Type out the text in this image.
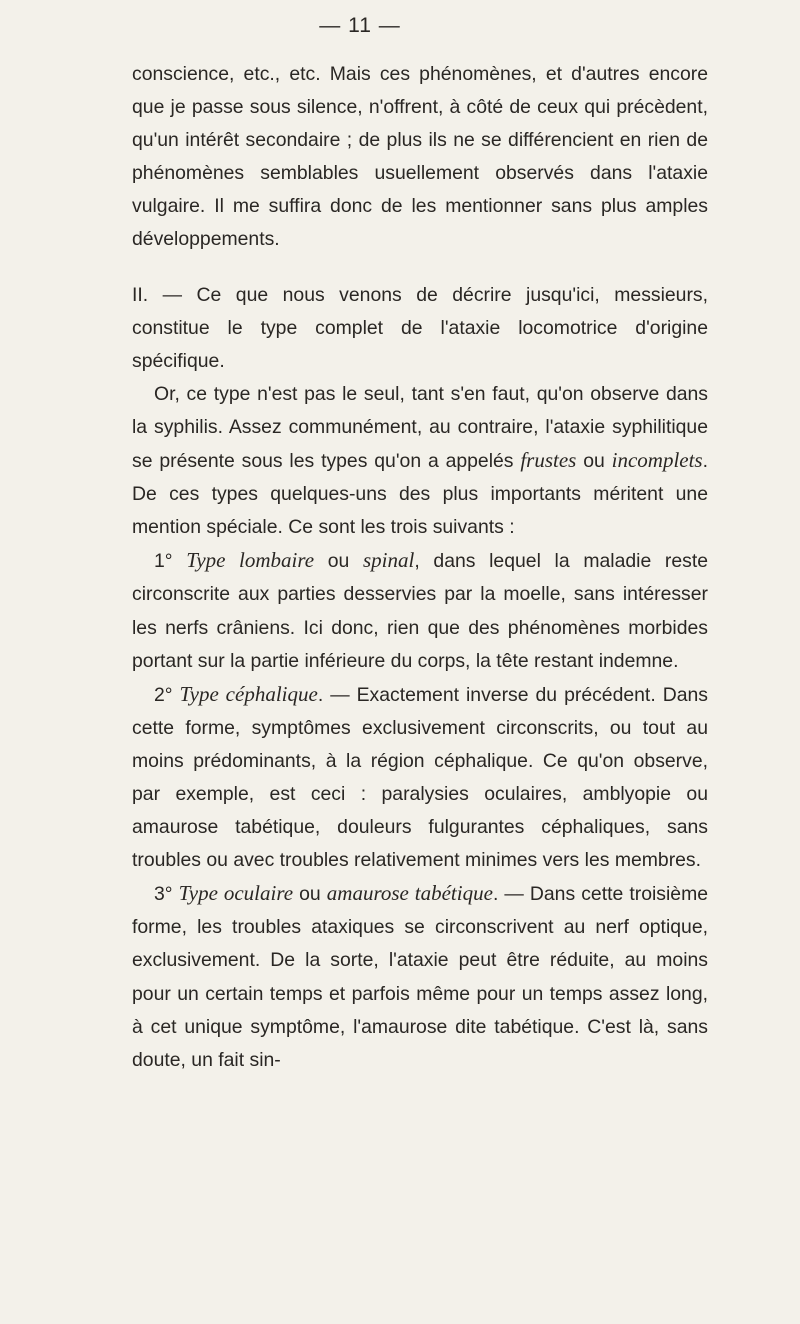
— 11 —

conscience, etc., etc. Mais ces phénomènes, et d'autres encore que je passe sous silence, n'offrent, à côté de ceux qui précèdent, qu'un intérêt secondaire ; de plus ils ne se différencient en rien de phénomènes semblables usuellement observés dans l'ataxie vulgaire. Il me suffira donc de les mentionner sans plus amples développements.

II. — Ce que nous venons de décrire jusqu'ici, messieurs, constitue le type complet de l'ataxie locomotrice d'origine spécifique.

Or, ce type n'est pas le seul, tant s'en faut, qu'on observe dans la syphilis. Assez communément, au contraire, l'ataxie syphilitique se présente sous les types qu'on a appelés frustes ou incomplets. De ces types quelques-uns des plus importants méritent une mention spéciale. Ce sont les trois suivants :

1° Type lombaire ou spinal, dans lequel la maladie reste circonscrite aux parties desservies par la moelle, sans intéresser les nerfs crâniens. Ici donc, rien que des phénomènes morbides portant sur la partie inférieure du corps, la tête restant indemne.

2° Type céphalique. — Exactement inverse du précédent. Dans cette forme, symptômes exclusivement circonscrits, ou tout au moins prédominants, à la région céphalique. Ce qu'on observe, par exemple, est ceci : paralysies oculaires, amblyopie ou amaurose tabétique, douleurs fulgurantes céphaliques, sans troubles ou avec troubles relativement minimes vers les membres.

3° Type oculaire ou amaurose tabétique. — Dans cette troisième forme, les troubles ataxiques se circonscrivent au nerf optique, exclusivement. De la sorte, l'ataxie peut être réduite, au moins pour un certain temps et parfois même pour un temps assez long, à cet unique symptôme, l'amaurose dite tabétique. C'est là, sans doute, un fait sin-
